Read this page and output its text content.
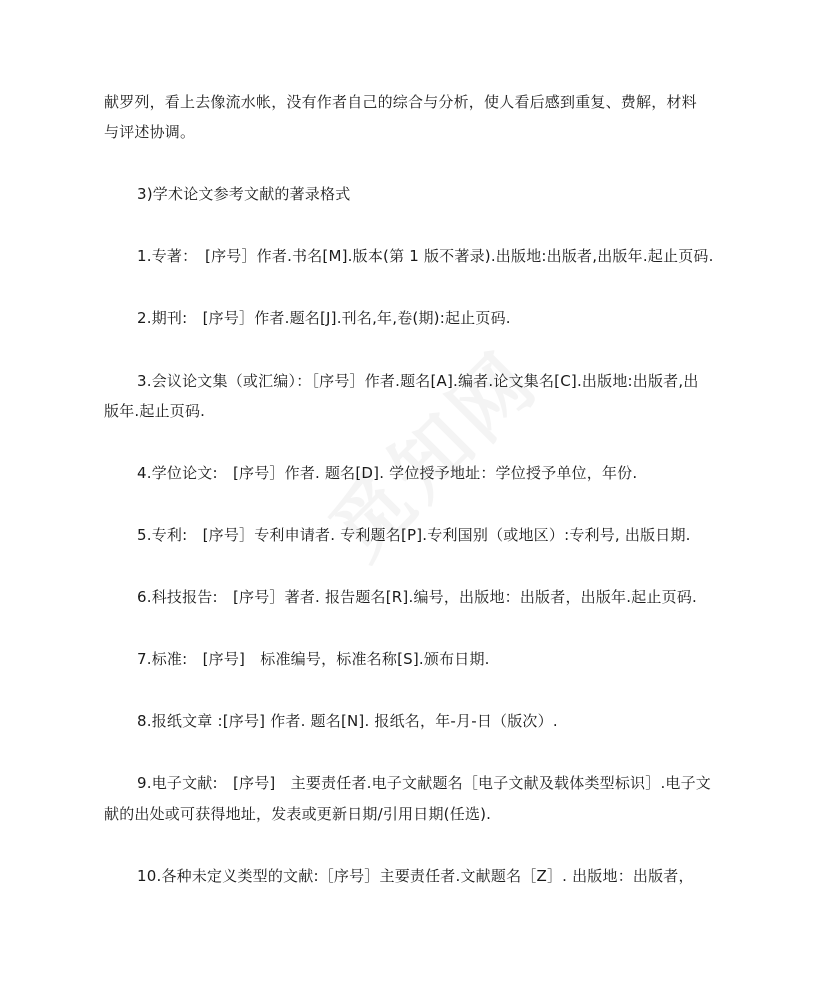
献罗列，看上去像流水帐，没有作者自己的综合与分析，使人看后感到重复、费解，材料
与评述协调。
3)学术论文参考文献的著录格式
1.专著：　[序号］作者.书名[M].版本(第 1 版不著录).出版地:出版者,出版年.起止页码.
2.期刊:　[序号］作者.题名[J].刊名,年,卷(期):起止页码.
3.会议论文集（或汇编）：［序号］作者.题名[A].编者.论文集名[C].出版地:出版者,出
版年.起止页码.
4.学位论文:　[序号］作者. 题名[D]. 学位授予地址：学位授予单位，年份.
5.专利:　[序号］专利申请者. 专利题名[P].专利国别（或地区）:专利号, 出版日期.
6.科技报告:　[序号］著者. 报告题名[R].编号，出版地：出版者，出版年.起止页码.
7.标准:　[序号]　标准编号，标准名称[S].颁布日期.
8.报纸文章 :[序号] 作者. 题名[N]. 报纸名，年-月-日（版次）.
9.电子文献:　[序号]　主要责任者.电子文献题名［电子文献及载体类型标识］.电子文
献的出处或可获得地址，发表或更新日期/引用日期(任选).
10.各种未定义类型的文献:［序号］主要责任者.文献题名［Z］. 出版地：出版者，
